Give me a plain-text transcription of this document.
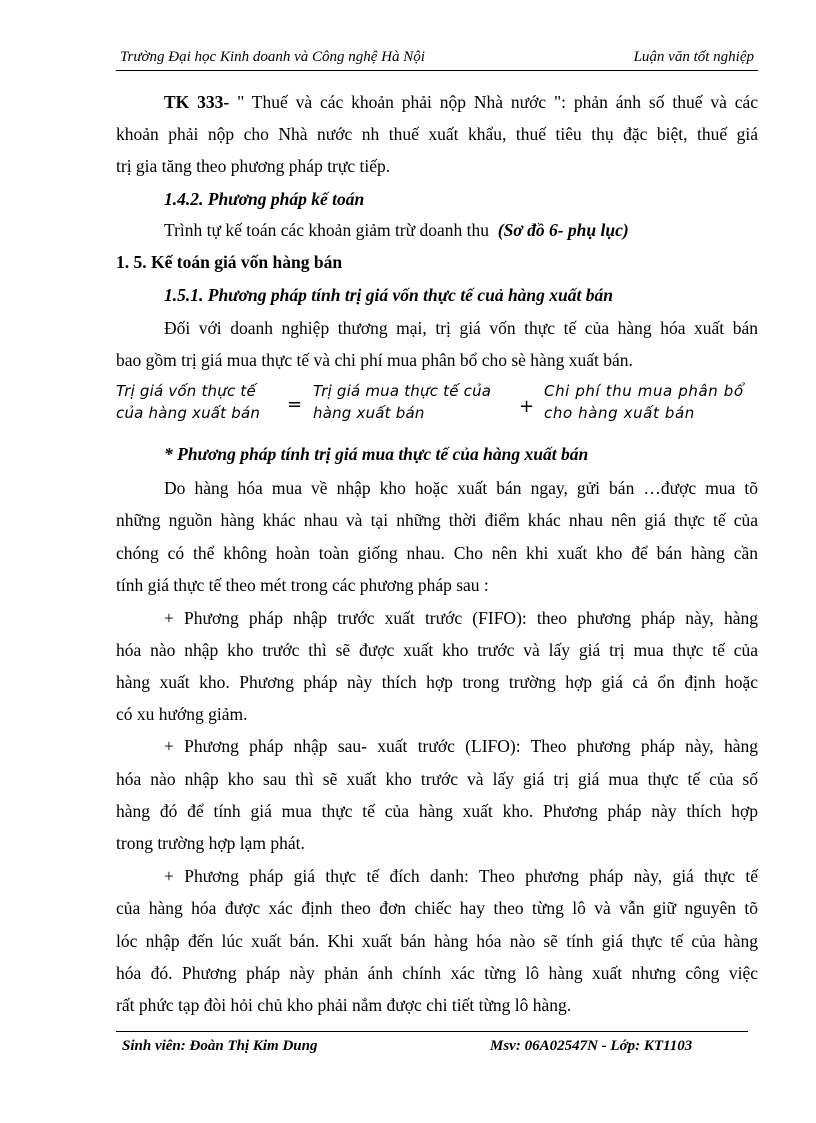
Trường Đại học Kinh doanh và Công nghệ Hà Nội	Luận văn tốt nghiệp
TK 333- " Thuế và các khoản phải nộp Nhà nước ": phản ánh số thuế và các
khoản phải nộp cho Nhà nước nh thuế xuất khẩu, thuế tiêu thụ đặc biệt, thuế giá
trị gia tăng theo phương pháp trực tiếp.
1.4.2. Phương pháp kế toán
Trình tự kế toán các khoản giảm trừ doanh thu (Sơ đồ 6- phụ lục)
1. 5. Kế toán giá vốn hàng bán
1.5.1. Phương pháp tính trị giá vốn thực tế cuả hàng xuất bán
Đối với doanh nghiệp thương mại, trị giá vốn thực tế của hàng hóa xuất bán
bao gồm trị giá mua thực tế và chi phí mua phân bổ cho sè hàng xuất bán.
Trị giá vốn thực tế
của hàng xuất bán =
Trị giá mua thực tế của
hàng xuất bán	+
Chi phí thu mua phân bổ
cho hàng xuất bán
* Phương pháp tính trị giá mua thực tế của hàng xuất bán
Do hàng hóa mua về nhập kho hoặc xuất bán ngay, gửi bán …được mua tõ
những nguồn hàng khác nhau và tại những thời điểm khác nhau nên giá thực tế của
chóng có thể không hoàn toàn giống nhau. Cho nên khi xuất kho để bán hàng cần
tính giá thực tế theo mét trong các phương pháp sau :
+ Phương pháp nhập trước xuất trước (FIFO): theo phương pháp này, hàng
hóa nào nhập kho trước thì sẽ được xuất kho trước và lấy giá trị mua thực tế của
hàng xuất kho. Phương pháp này thích hợp trong trường hợp giá cả ổn định hoặc
có xu hướng giảm.
+ Phương pháp nhập sau- xuất trước (LIFO): Theo phương pháp này, hàng
hóa nào nhập kho sau thì sẽ xuất kho trước và lấy giá trị giá mua thực tế của số
hàng đó để tính giá mua thực tế của hàng xuất kho. Phương pháp này thích hợp
trong trường hợp lạm phát.
+ Phương pháp giá thực tế đích danh: Theo phương pháp này, giá thực tế
của hàng hóa được xác định theo đơn chiếc hay theo từng lô và vẫn giữ nguyên tõ
lóc nhập đến lúc xuất bán. Khi xuất bán hàng hóa nào sẽ tính giá thực tế của hàng
hóa đó. Phương pháp này phản ánh chính xác từng lô hàng xuất nhưng công việc
rất phức tạp đòi hỏi chủ kho phải nắm được chi tiết từng lô hàng.
Sinh viên: Đoàn Thị Kim Dung	Msv: 06A02547N - Lớp: KT1103
